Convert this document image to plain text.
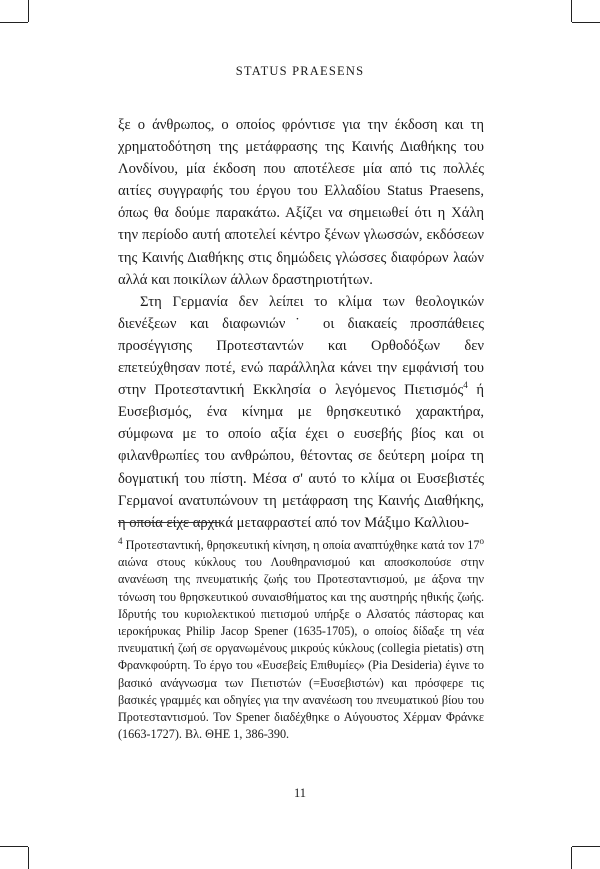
STATUS PRAESENS

ξε ο άνθρωπος, ο οποίος φρόντισε για την έκδοση και τη χρηματοδότηση της μετάφρασης της Καινής Διαθήκης του Λονδίνου, μία έκδοση που αποτέλεσε μία από τις πολλές αιτίες συγγραφής του έργου του Ελλαδίου Status Praesens, όπως θα δούμε παρακάτω. Αξίζει να σημειωθεί ότι η Χάλη την περίοδο αυτή αποτελεί κέντρο ξένων γλωσσών, εκδόσεων της Καινής Διαθήκης στις δημώδεις γλώσσες διαφόρων λαών αλλά και ποικίλων άλλων δραστηριοτήτων.

Στη Γερμανία δεν λείπει το κλίμα των θεολογικών διενέξεων και διαφωνιών˙ οι διακαείς προσπάθειες προσέγγισης Προτεσταντών και Ορθοδόξων δεν επετεύχθησαν ποτέ, ενώ παράλληλα κάνει την εμφάνισή του στην Προτεσταντική Εκκλησία ο λεγόμενος Πιετισμός$^4$ ή Ευσεβισμός, ένα κίνημα με θρησκευτικό χαρακτήρα, σύμφωνα με το οποίο αξία έχει ο ευσεβής βίος και οι φιλανθρωπίες του ανθρώπου, θέτοντας σε δεύτερη μοίρα τη δογματική του πίστη. Μέσα σ' αυτό το κλίμα οι Ευσεβιστές Γερμανοί ανατυπώνουν τη μετάφραση της Καινής Διαθήκης, η οποία είχε αρχικά μεταφραστεί από τον Μάξιμο Καλλιου-

$^4$ Προτεσταντική, θρησκευτική κίνηση, η οποία αναπτύχθηκε κατά τον $17^o$ αιώνα στους κύκλους του Λουθηρανισμού και αποσκοπούσε στην ανανέωση της πνευματικής ζωής του Προτεσταντισμού, με άξονα την τόνωση του θρησκευτικού συναισθήματος και της αυστηρής ηθικής ζωής. Ιδρυτής του κυριολεκτικού πιετισμού υπήρξε ο Αλσατός πάστορας και ιεροκήρυκας Philip Jacop Spener (1635-1705), ο οποίος δίδαξε τη νέα πνευματική ζωή σε οργανωμένους μικρούς κύκλους (collegia pietatis) στη Φρανκφούρτη. Το έργο του «Ευσεβείς Επιθυμίες» (Pia Desideria) έγινε το βασικό ανάγνωσμα των Πιετιστών (=Ευσεβιστών) και πρόσφερε τις βασικές γραμμές και οδηγίες για την ανανέωση του πνευματικού βίου του Προτεσταντισμού. Τον Spener διαδέχθηκε ο Αύγουστος Χέρμαν Φράνκε (1663-1727). Βλ. ΘΗΕ 1, 386-390.

11
